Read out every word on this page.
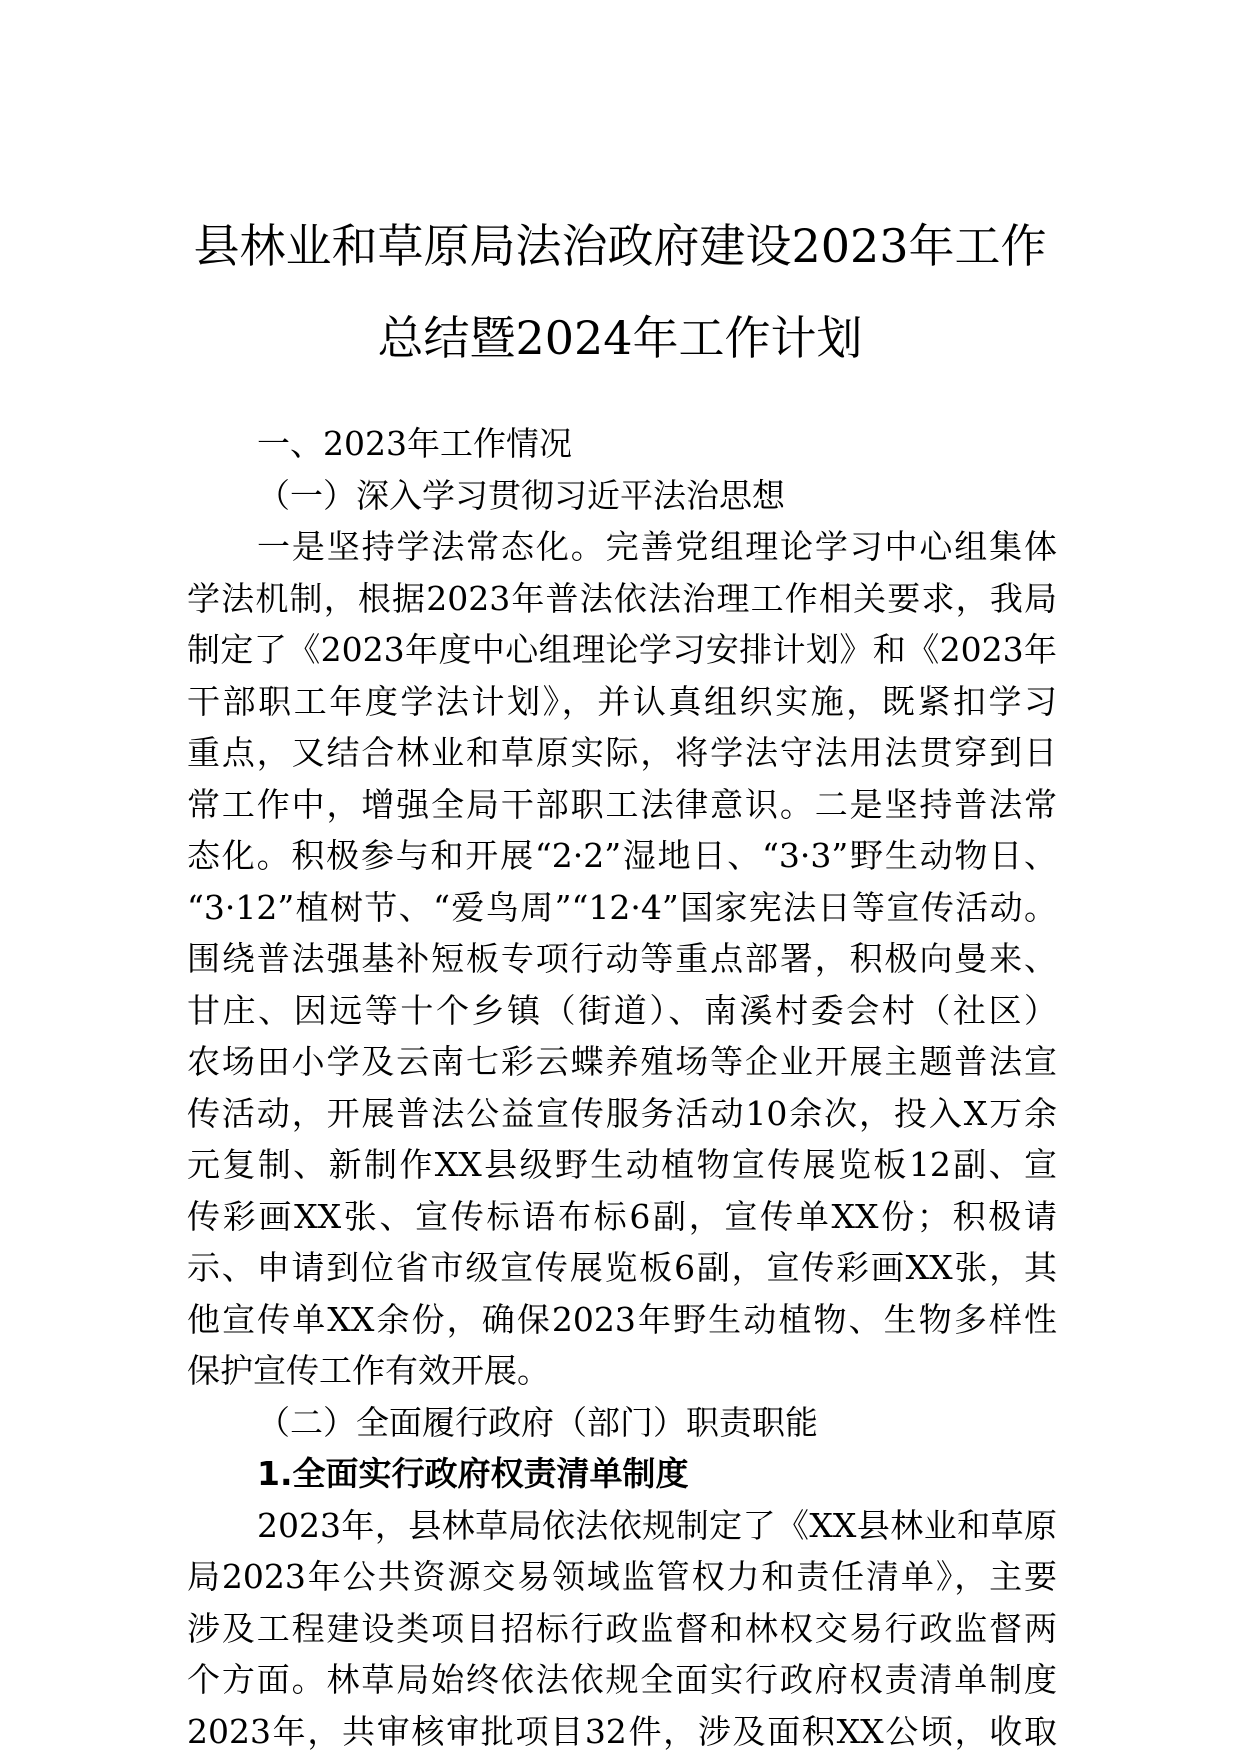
县林业和草原局法治政府建设2023年工作
总结暨2024年工作计划
一、2023年工作情况
（一）深入学习贯彻习近平法治思想
一是坚持学法常态化。完善党组理论学习中心组集体
学法机制，根据2023年普法依法治理工作相关要求，我局
制定了《2023年度中心组理论学习安排计划》和《2023年
干部职工年度学法计划》，并认真组织实施，既紧扣学习
重点，又结合林业和草原实际，将学法守法用法贯穿到日
常工作中，增强全局干部职工法律意识。二是坚持普法常
态化。积极参与和开展“2·2”湿地日、“3·3”野生动物日、
“3·12”植树节、“爱鸟周”“12·4”国家宪法日等宣传活动。
围绕普法强基补短板专项行动等重点部署，积极向曼来、
甘庄、因远等十个乡镇（街道）、南溪村委会村（社区）
农场田小学及云南七彩云蝶养殖场等企业开展主题普法宣
传活动，开展普法公益宣传服务活动10余次，投入X万余
元复制、新制作XX县级野生动植物宣传展览板12副、宣
传彩画XX张、宣传标语布标6副，宣传单XX份；积极请
示、申请到位省市级宣传展览板6副，宣传彩画XX张，其
他宣传单XX余份，确保2023年野生动植物、生物多样性
保护宣传工作有效开展。
（二）全面履行政府（部门）职责职能
1.全面实行政府权责清单制度
2023年，县林草局依法依规制定了《XX县林业和草原
局2023年公共资源交易领域监管权力和责任清单》，主要
涉及工程建设类项目招标行政监督和林权交易行政监督两
个方面。林草局始终依法依规全面实行政府权责清单制度
2023年，共审核审批项目32件，涉及面积XX公顷，收取
